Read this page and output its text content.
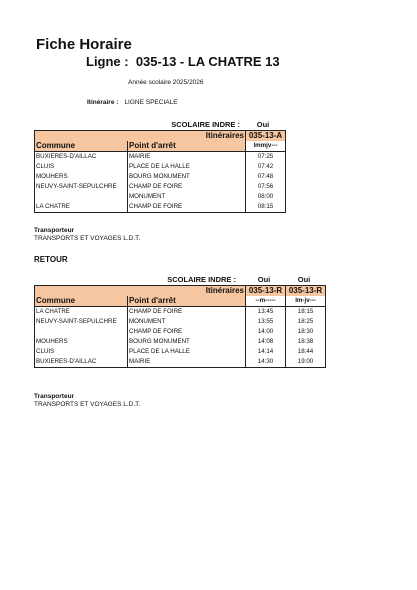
Fiche Horaire
Ligne :  035-13 - LA CHATRE 13
Année scolaire 2025/2026
Itinéraire : LIGNE SPECIALE
SCOLAIRE INDRE :	Oui
	Itinéraires	035-13-A
Commune	Point d'arrêt	lmmjv---
BUXIERES-D'AILLAC	MAIRIE	07:25
CLUIS	PLACE DE LA HALLE	07:42
MOUHERS	BOURG MONUMENT	07:48
NEUVY-SAINT-SEPULCHRE	CHAMP DE FOIRE	07:56
	MONUMENT	08:00
LA CHATRE	CHAMP DE FOIRE	08:15
Transporteur
TRANSPORTS ET VOYAGES L.D.T.
RETOUR
SCOLAIRE INDRE :	Oui	Oui
	Itinéraires	035-13-R	035-13-R
Commune	Point d'arrêt	--m-----	lm-jv---
LA CHATRE	CHAMP DE FOIRE	13:45	18:15
NEUVY-SAINT-SEPULCHRE	MONUMENT	13:55	18:25
	CHAMP DE FOIRE	14:00	18:30
MOUHERS	BOURG MONUMENT	14:08	18:38
CLUIS	PLACE DE LA HALLE	14:14	18:44
BUXIERES-D'AILLAC	MAIRIE	14:30	19:00
Transporteur
TRANSPORTS ET VOYAGES L.D.T.
